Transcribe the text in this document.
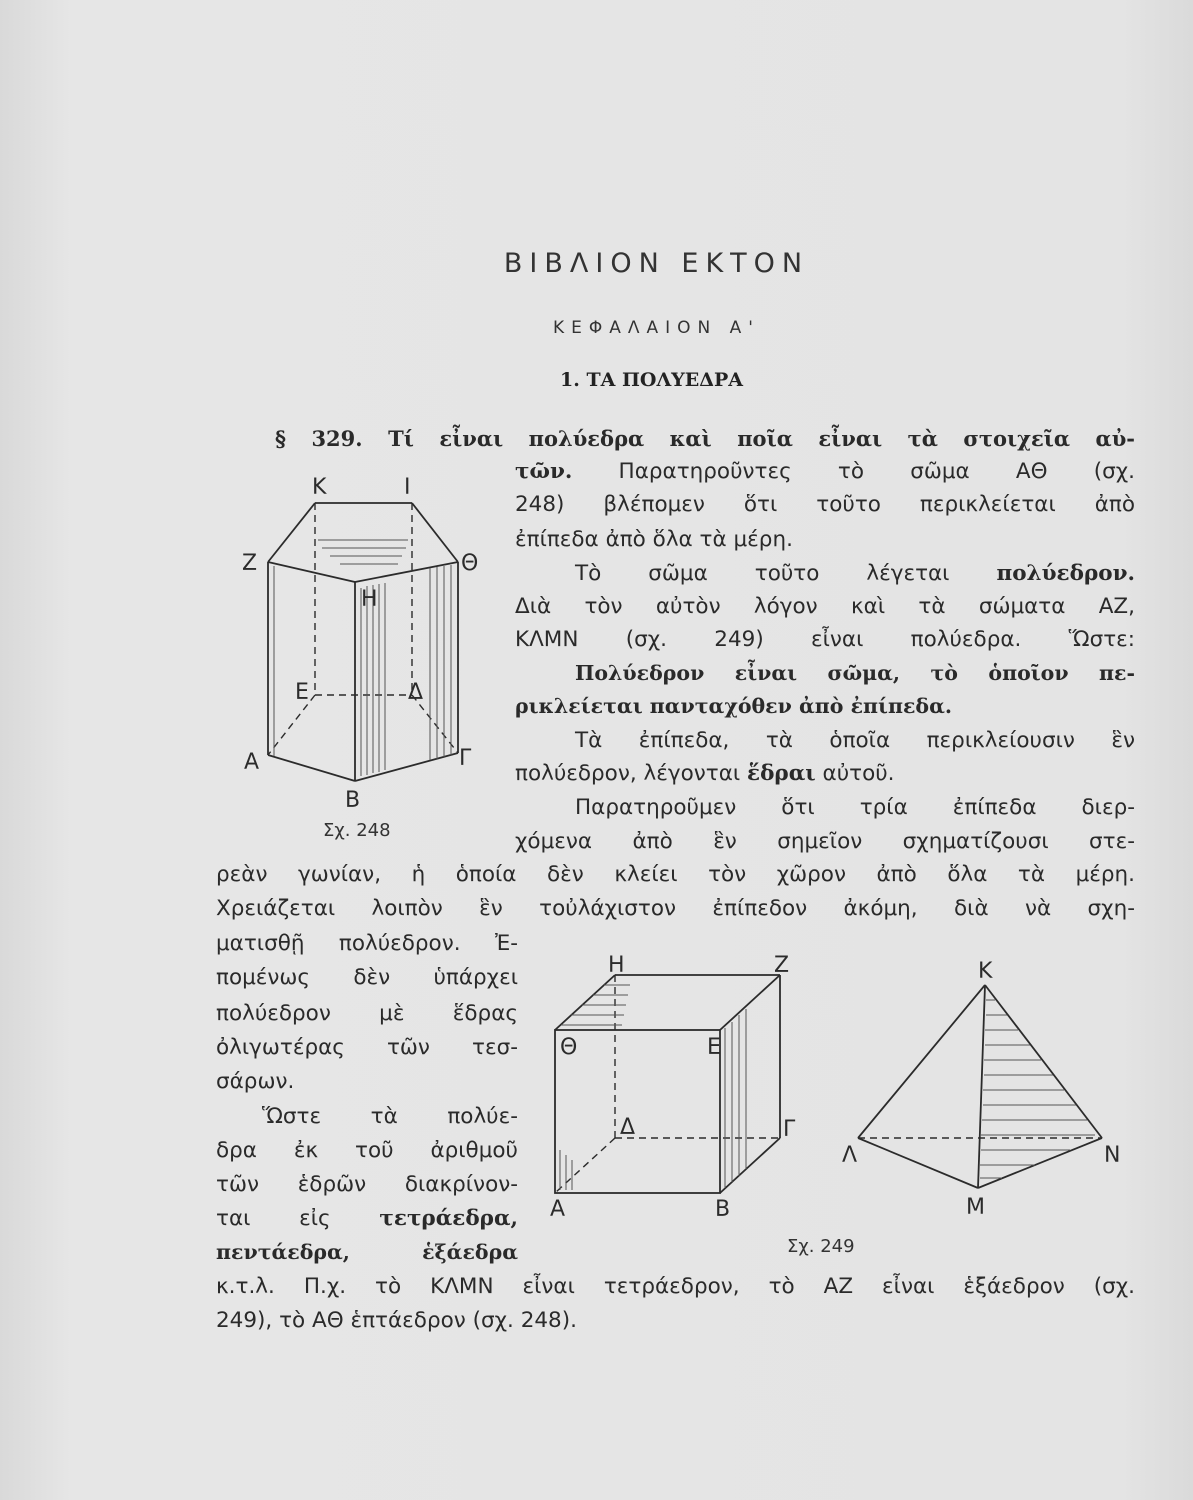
ΒΙΒΛΙΟΝ ΕΚΤΟΝ
ΚΕΦΑΛΑΙΟΝ Α'
1. ΤΑ ΠΟΛΥΕΔΡΑ
§ 329. Τί εἶναι πολύεδρα καὶ ποῖα εἶναι τὰ στοιχεῖα αὐ-
τῶν. Παρατηροῦντες τὸ σῶμα ΑΘ (σχ.
248) βλέπομεν ὅτι τοῦτο περικλείεται ἀπὸ
ἐπίπεδα ἀπὸ ὅλα τὰ μέρη.
Τὸ σῶμα τοῦτο λέγεται πολύεδρον.
Διὰ τὸν αὐτὸν λόγον καὶ τὰ σώματα ΑΖ,
ΚΛΜΝ (σχ. 249) εἶναι πολύεδρα. Ὥστε:
Πολύεδρον εἶναι σῶμα, τὸ ὁποῖον πε-
ρικλείεται πανταχόθεν ἀπὸ ἐπίπεδα.
Τὰ ἐπίπεδα, τὰ ὁποῖα περικλείουσιν ἓν
πολύεδρον, λέγονται ἕδραι αὐτοῦ.
Παρατηροῦμεν ὅτι τρία ἐπίπεδα διερ-
χόμενα ἀπὸ ἓν σημεῖον σχηματίζουσι στε-
ρεὰν γωνίαν, ἡ ὁποία δὲν κλείει τὸν χῶρον ἀπὸ ὅλα τὰ μέρη.
Χρειάζεται λοιπὸν ἓν τοὐλάχιστον ἐπίπεδον ἀκόμη, διὰ νὰ σχη-
ματισθῇ πολύεδρον. Ἐ-
πομένως δὲν ὑπάρχει
πολύεδρον μὲ ἕδρας
ὀλιγωτέρας τῶν τεσ-
σάρων.
Ὥστε τὰ πολύε-
δρα ἐκ τοῦ ἀριθμοῦ
τῶν ἑδρῶν διακρίνον-
ται εἰς τετράεδρα,
πεντάεδρα,	ἑξάεδρα
κ.τ.λ. Π.χ. τὸ ΚΛΜΝ εἶναι τετράεδρον, τὸ ΑΖ εἶναι ἑξάεδρον (σχ.
249), τὸ ΑΘ ἑπτάεδρον (σχ. 248).
Κ	Ι
Ζ	Θ
Η
Ε	Δ
Α	Γ
Β
Σχ. 248
Η	Ζ
Θ	Ε
Δ	Γ
Α	Β
Κ
Λ	Ν
Μ
Σχ. 249
